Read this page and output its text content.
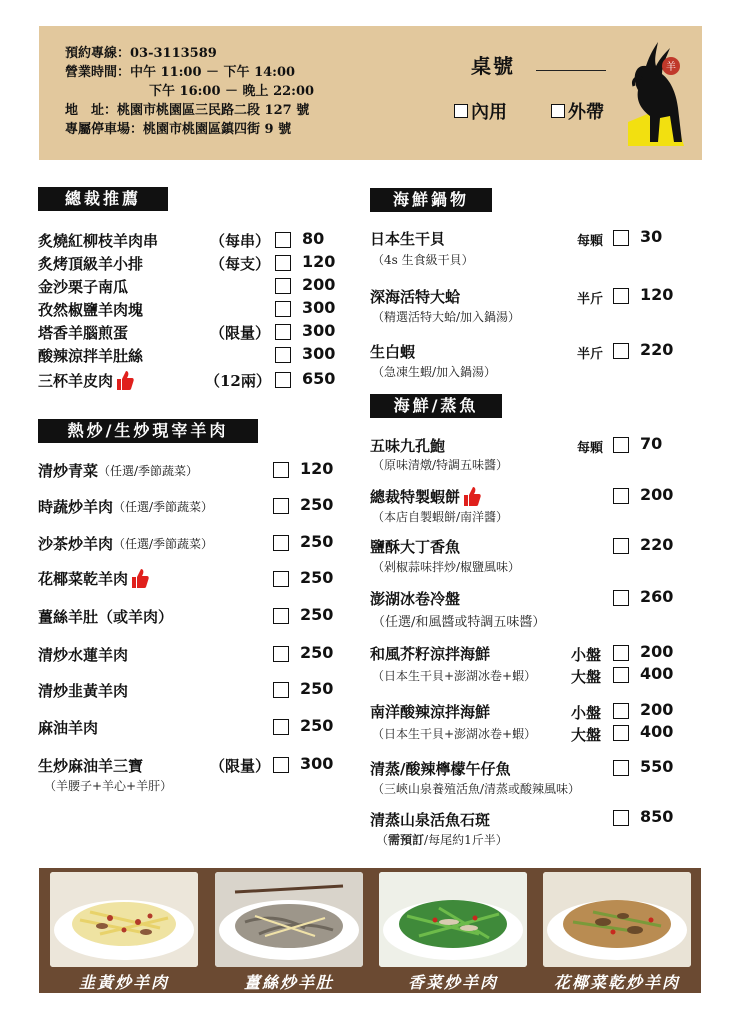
預約專線：03-3113589
營業時間：中午 11:00 － 下午 14:00
下午 16:00 － 晚上 22:00
地　址：桃園市桃園區三民路二段 127 號
專屬停車場：桃園市桃園區鎮四街 9 號
桌號
內用	外帶
羊
總裁推薦
熱炒/生炒現宰羊肉
海鮮鍋物
海鮮/蒸魚
炙燒紅柳枝羊肉串	（每串） 80
炙烤頂級羊小排	（每支） 120
金沙栗子南瓜	200
孜然椒鹽羊肉塊	300
塔香羊腦煎蛋	（限量） 300
酸辣涼拌羊肚絲	300
三杯羊皮肉	（12兩） 650
清炒青菜 （任選/季節蔬菜）	120
時蔬炒羊肉 （任選/季節蔬菜）	250
沙茶炒羊肉 （任選/季節蔬菜）	250
花椰菜乾羊肉	250
薑絲羊肚（或羊肉）	250
清炒水蓮羊肉	250
清炒韭黃羊肉	250
麻油羊肉	250
生炒麻油羊三寶	（限量） 300
（羊腰子+羊心+羊肝）
日本生干貝	每顆 30
（4s 生食級干貝）
深海活特大蛤	半斤 120
（精選活特大蛤/加入鍋湯）
生白蝦	半斤 220
（急凍生蝦/加入鍋湯）
五味九孔鮑	每顆 70
（原味清燉/特調五味醬）
總裁特製蝦餅	200
（本店自製蝦餅/南洋醬）
鹽酥大丁香魚	220
（剁椒蒜味拌炒/椒鹽風味）
澎湖冰卷冷盤	260
（任選/和風醬或特調五味醬）
和風芥籽涼拌海鮮	小盤 200
（日本生干貝+澎湖冰卷+蝦） 大盤 400
南洋酸辣涼拌海鮮	小盤 200
（日本生干貝+澎湖冰卷+蝦） 大盤 400
清蒸/酸辣檸檬午仔魚	550
（三峽山泉養殖活魚/清蒸或酸辣風味）
清蒸山泉活魚石斑	850
（需預訂/每尾約1斤半）
韭黃炒羊肉	薑絲炒羊肚	香菜炒羊肉	花椰菜乾炒羊肉
